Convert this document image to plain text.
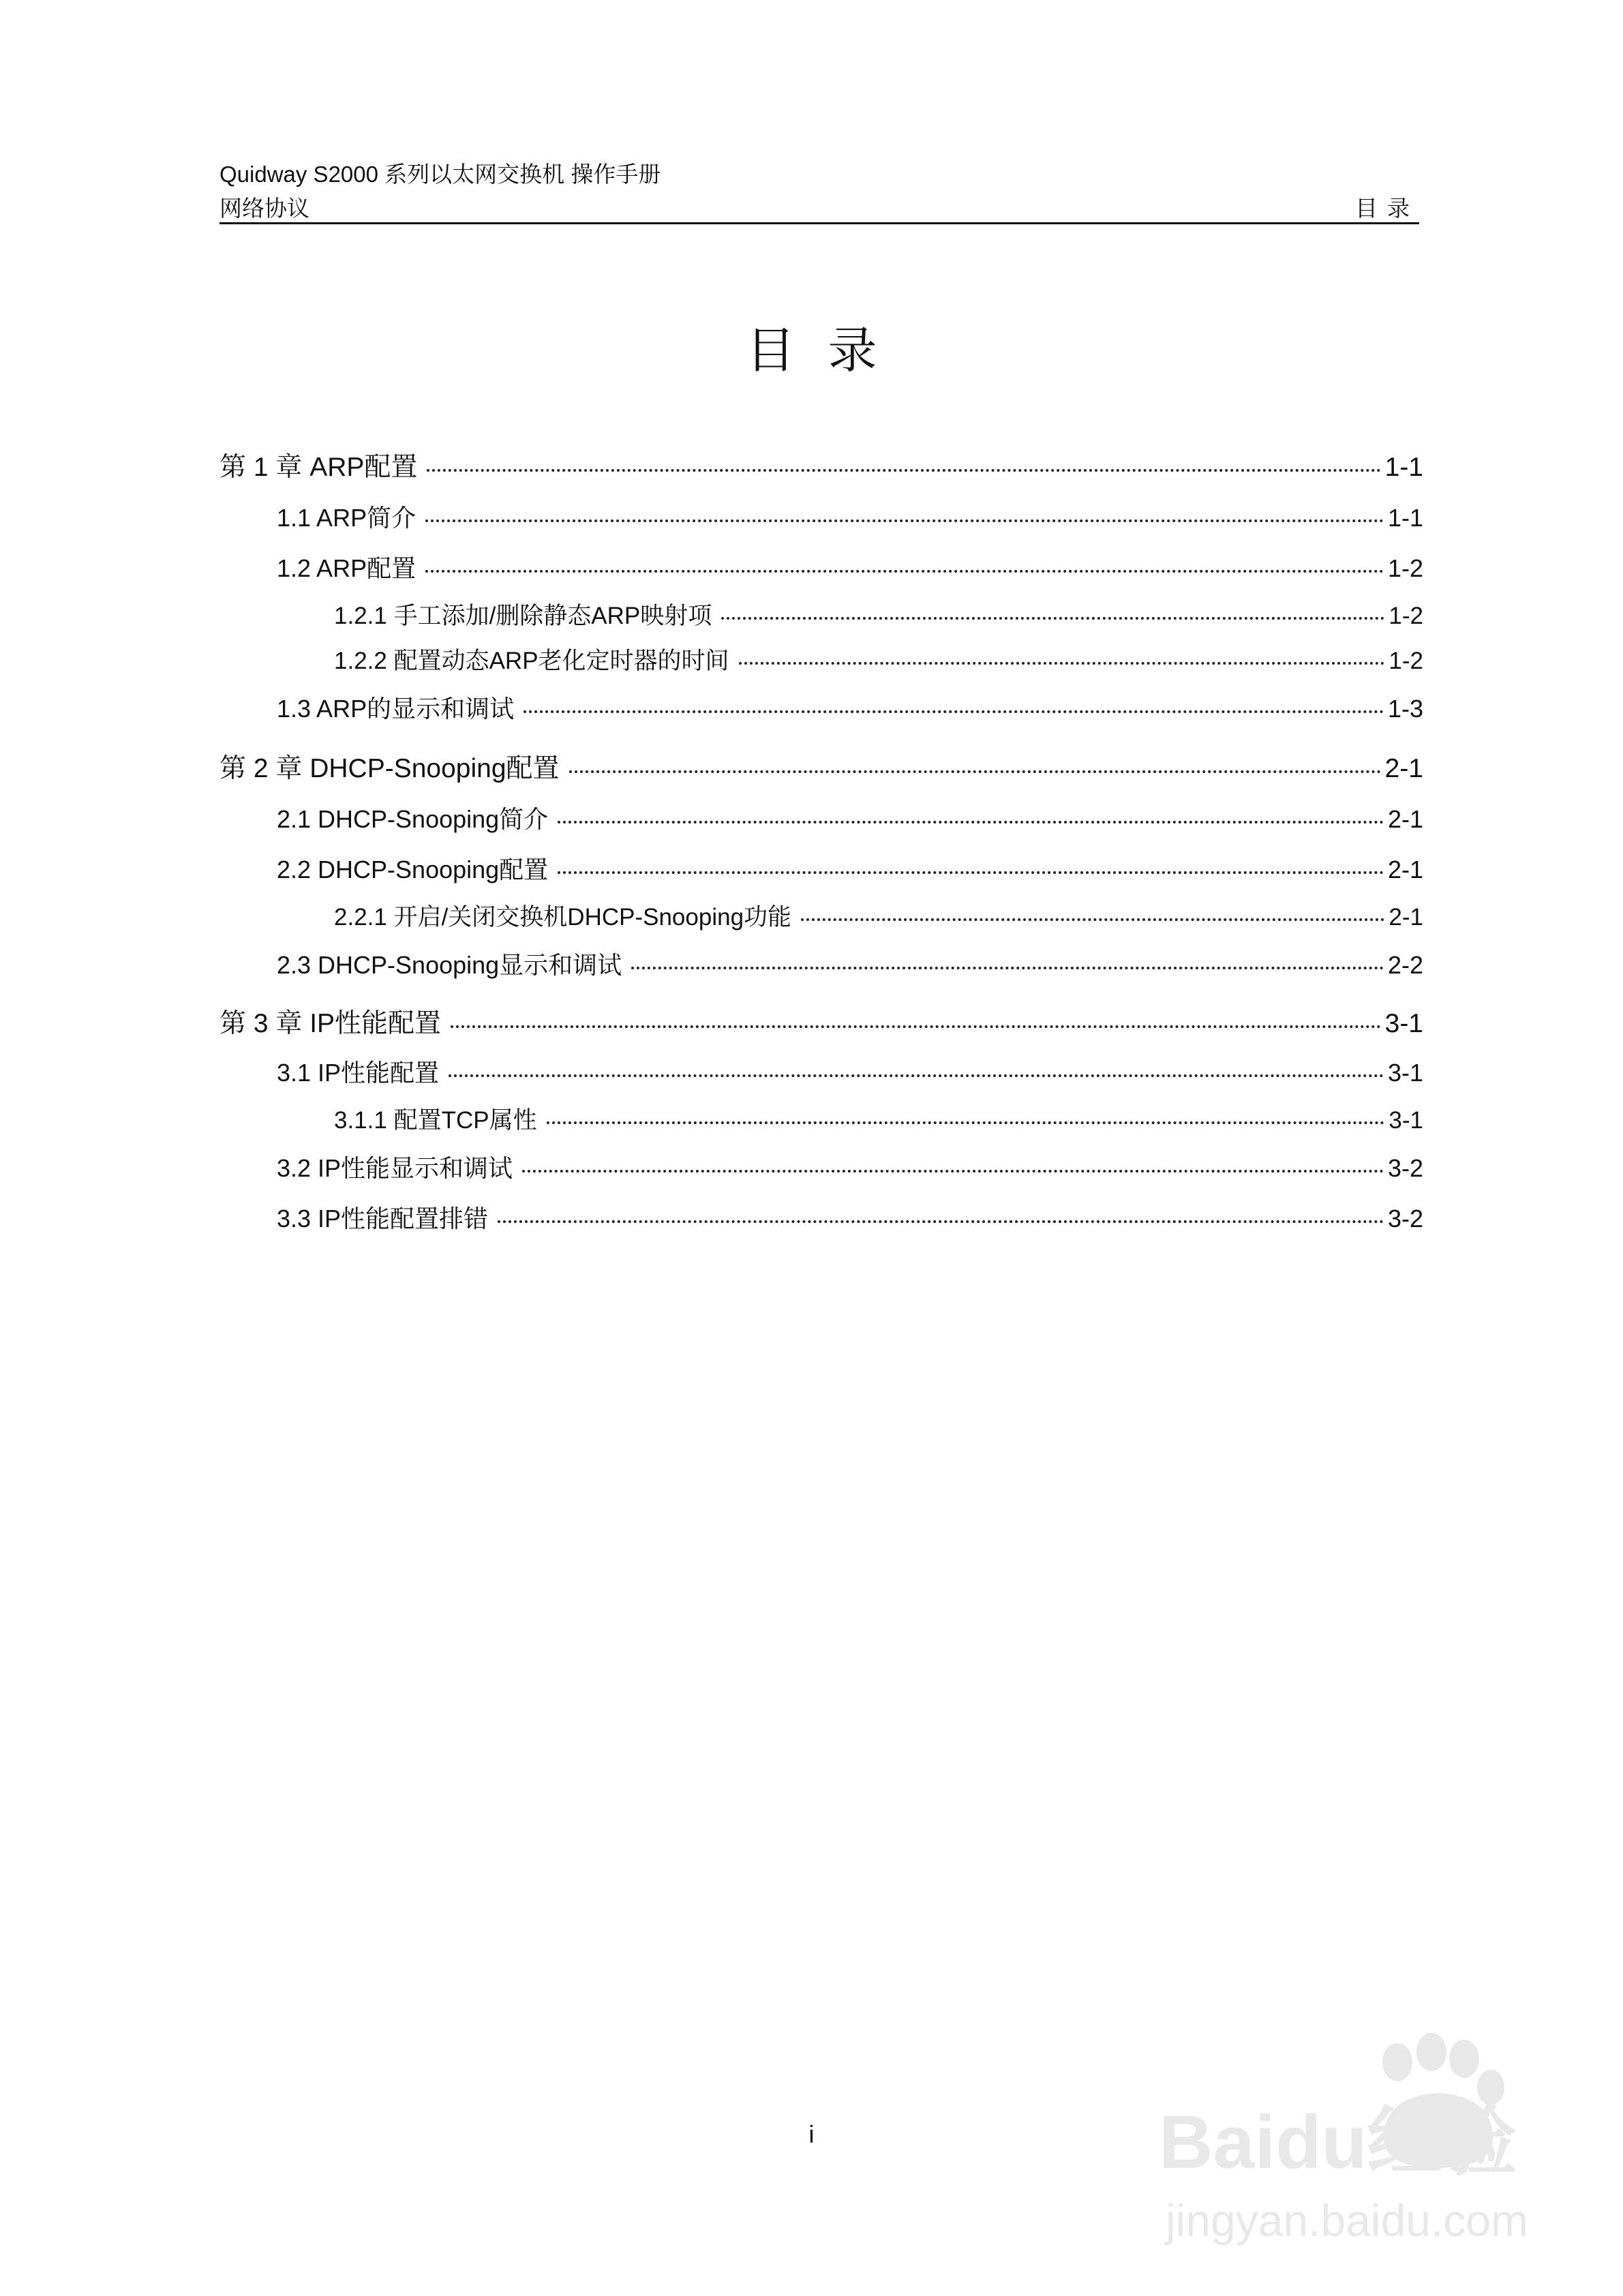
Quidway S2000 系列以太网交换机 操作手册
网络协议	目录
目录
第 1 章 ARP配置	1-1
1.1 ARP简介	1-1
1.2 ARP配置	1-2
1.2.1 手工添加/删除静态ARP映射项	1-2
1.2.2 配置动态ARP老化定时器的时间	1-2
1.3 ARP的显示和调试	1-3
第 2 章 DHCP-Snooping配置	2-1
2.1 DHCP-Snooping简介	2-1
2.2 DHCP-Snooping配置	2-1
2.2.1 开启/关闭交换机DHCP-Snooping功能	2-1
2.3 DHCP-Snooping显示和调试	2-2
第 3 章 IP性能配置	3-1
3.1 IP性能配置	3-1
3.1.1 配置TCP属性	3-1
3.2 IP性能显示和调试	3-2
3.3 IP性能配置排错	3-2
i	Baidu经验
jingyan.baidu.com
